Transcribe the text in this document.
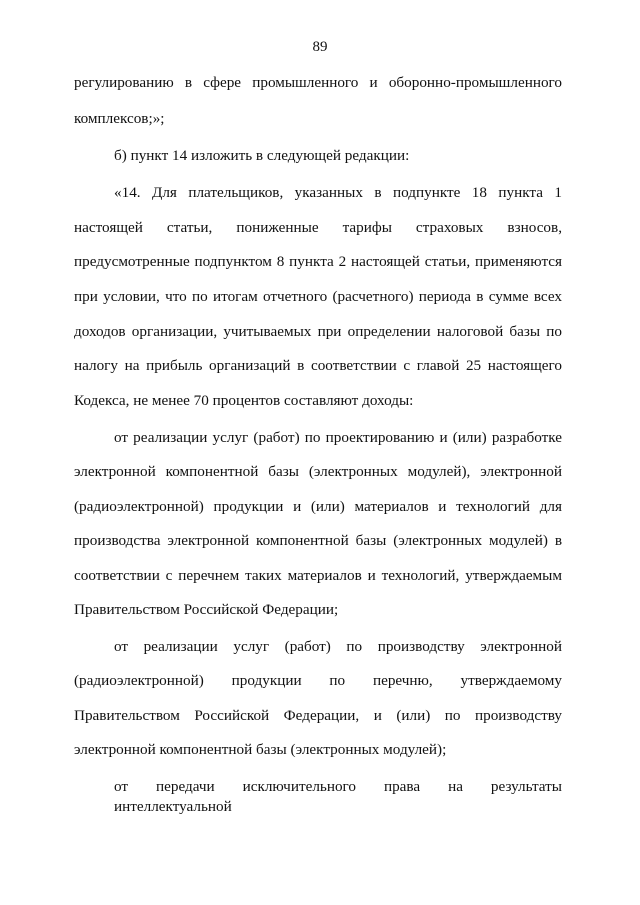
89
регулированию в сфере промышленного и оборонно-промышленного
комплексов;»;
б) пункт 14 изложить в следующей редакции:
«14. Для плательщиков, указанных в подпункте 18 пункта 1
настоящей статьи, пониженные тарифы страховых взносов,
предусмотренные подпунктом 8 пункта 2 настоящей статьи, применяются
при условии, что по итогам отчетного (расчетного) периода в сумме всех
доходов организации, учитываемых при определении налоговой базы по
налогу на прибыль организаций в соответствии с главой 25 настоящего
Кодекса, не менее 70 процентов составляют доходы:
от реализации услуг (работ) по проектированию и (или) разработке
электронной компонентной базы (электронных модулей), электронной
(радиоэлектронной) продукции и (или) материалов и технологий для
производства электронной компонентной базы (электронных модулей) в
соответствии с перечнем таких материалов и технологий, утверждаемым
Правительством Российской Федерации;
от реализации услуг (работ) по производству электронной
(радиоэлектронной) продукции по перечню, утверждаемому
Правительством Российской Федерации, и (или) по производству
электронной компонентной базы (электронных модулей);
от передачи исключительного права на результаты интеллектуальной
